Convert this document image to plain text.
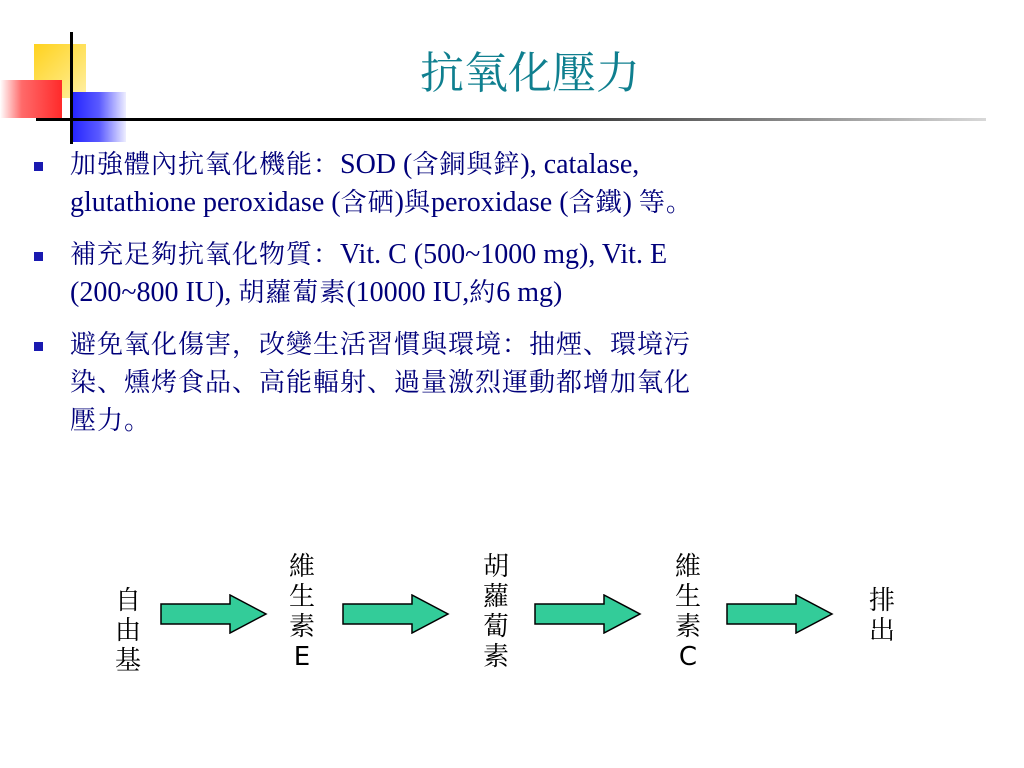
抗氧化壓力
加強體內抗氧化機能：SOD (含銅與鋅), catalase,
glutathione peroxidase (含硒)與peroxidase (含鐵) 等。
補充足夠抗氧化物質：Vit. C (500~1000 mg), Vit. E
(200~800 IU), 胡蘿蔔素(10000 IU,約6 mg)
避免氧化傷害，改變生活習慣與環境：抽煙、環境污
染、燻烤食品、高能輻射、過量激烈運動都增加氧化
壓力。
自
由
基
維
生
素
E
胡
蘿
蔔
素
維
生
素
C
排
出
